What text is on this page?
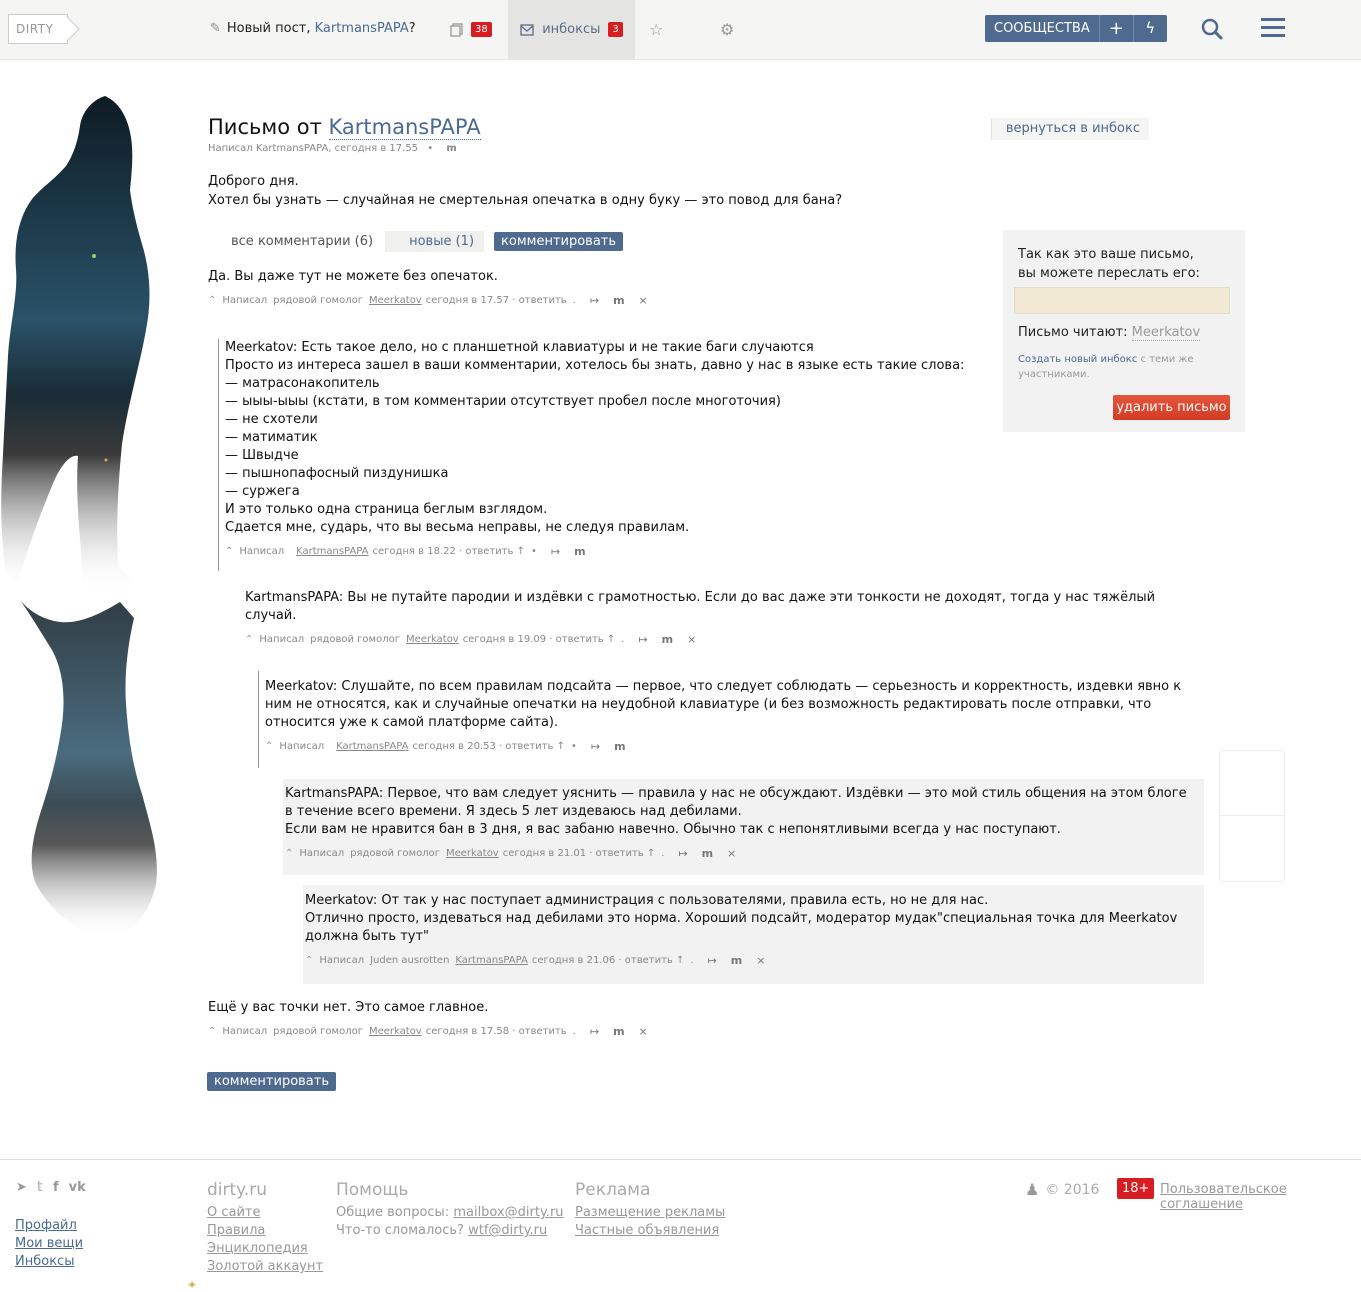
DIRTY	✎ Новый пост, KartmansPAPA?	38	инбоксы	3 ☆	⚙	СООБЩЕСТВА	+	ϟ
Письмо от KartmansPAPA
Написал KartmansPAPA, сегодня в 17.55 • m
вернуться в инбокс
Доброго дня.
Хотел бы узнать — случайная не смертельная опечатка в одну буку — это повод для бана?
все комментарии (6)	новые (1)	комментировать
Да. Вы даже тут не можете без опечаток.
⌃ Написал рядовой гомолог Meerkatov сегодня в 17.57 · ответить . ↦ m ×
Meerkatov: Есть такое дело, но с планшетной клавиатуры и не такие баги случаются
Просто из интереса зашел в ваши комментарии, хотелось бы знать, давно у нас в языке есть такие слова:
— матрасонакопитель
— ыыы-ыыы (кстати, в том комментарии отсутствует пробел после многоточия)
— не схотели
— матиматик
— Швыдче
— пышнопафосный пиздунишка
— суржега
И это только одна страница беглым взглядом.
Сдается мне, сударь, что вы весьма неправы, не следуя правилам.
⌃ Написал KartmansPAPA сегодня в 18.22 · ответить ↑ • ↦ m
KartmansPAPA: Вы не путайте пародии и издёвки с грамотностью. Если до вас даже эти тонкости не доходят, тогда у нас тяжёлый
случай.
⌃ Написал рядовой гомолог Meerkatov сегодня в 19.09 · ответить ↑ . ↦ m ×
Meerkatov: Слушайте, по всем правилам подсайта — первое, что следует соблюдать — серьезность и корректность, издевки явно к
ним не относятся, как и случайные опечатки на неудобной клавиатуре (и без возможность редактировать после отправки, что
относится уже к самой платформе сайта).
⌃ Написал KartmansPAPA сегодня в 20.53 · ответить ↑ • ↦ m
KartmansPAPA: Первое, что вам следует уяснить — правила у нас не обсуждают. Издёвки — это мой стиль общения на этом блоге
в течение всего времени. Я здесь 5 лет издеваюсь над дебилами.
Если вам не нравится бан в 3 дня, я вас забаню навечно. Обычно так с непонятливыми всегда у нас поступают.
⌃ Написал рядовой гомолог Meerkatov сегодня в 21.01 · ответить ↑ . ↦ m ×
Meerkatov: От так у нас поступает администрация с пользователями, правила есть, но не для нас.
Отлично просто, издеваться над дебилами это норма. Хороший подсайт, модератор мудак"специальная точка для Meerkatov
должна быть тут"
⌃ Написал Juden ausrotten KartmansPAPA сегодня в 21.06 · ответить ↑ . ↦ m ×
Ещё у вас точки нет. Это самое главное.
⌃ Написал рядовой гомолог Meerkatov сегодня в 17.58 · ответить . ↦ m ×
Так как это ваше письмо,
вы можете переслать его:
Письмо читают: Meerkatov
Создать новый инбокс с теми же участниками.
удалить письмо
комментировать
➤ 𝕥 f vk
Профайл
Мои вещи
Инбоксы
dirty.ru
О сайте
Правила
Энциклопедия
Золотой аккаунт
✦
Помощь
Общие вопросы: mailbox@dirty.ru
Что-то сломалось? wtf@dirty.ru
Реклама
Размещение рекламы
Частные объявления
♟ © 2016	18+ Пользовательское соглашение
